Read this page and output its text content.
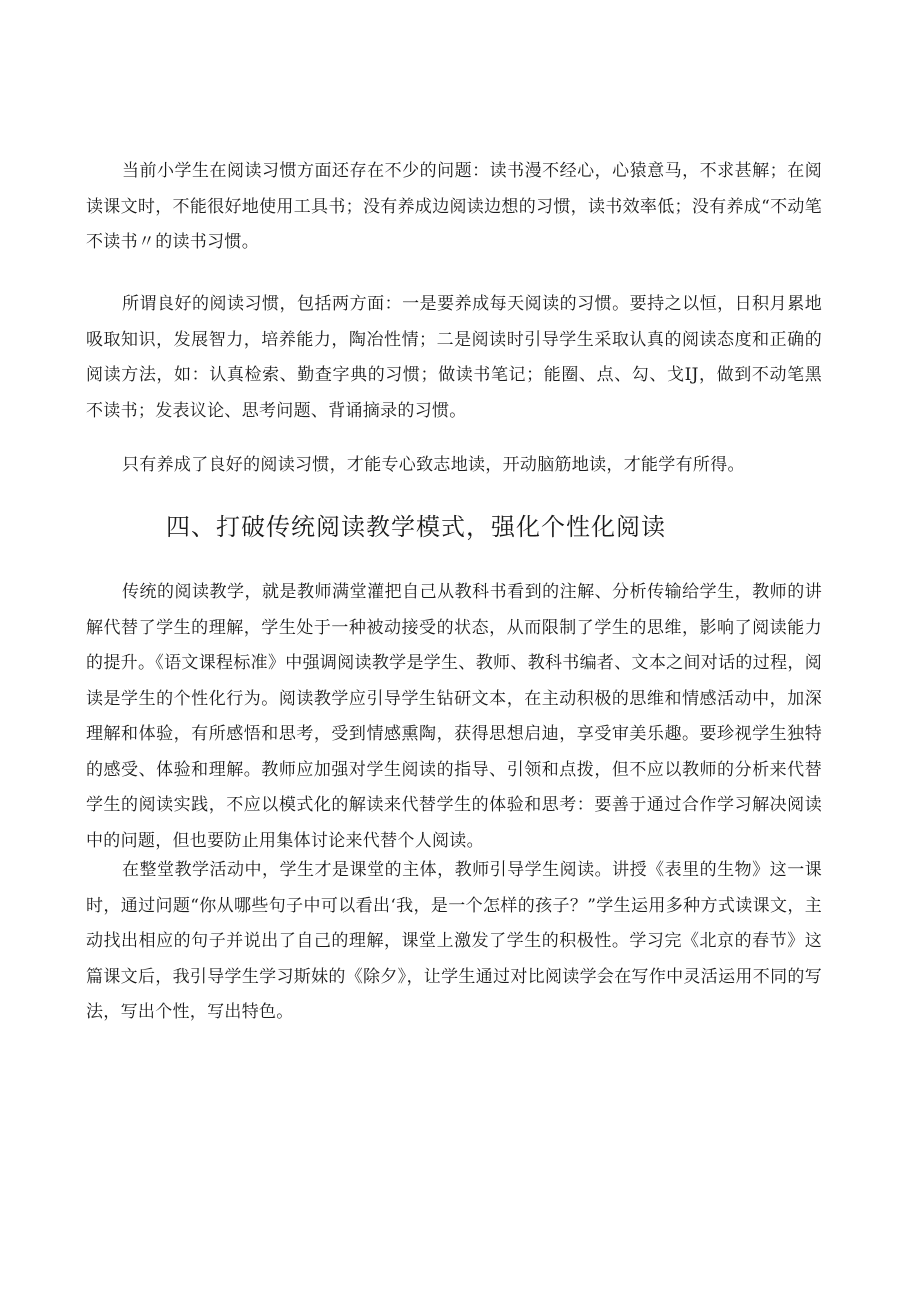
当前小学生在阅读习惯方面还存在不少的问题：读书漫不经心，心猿意马，不求甚解；在阅读课文时，不能很好地使用工具书；没有养成边阅读边想的习惯，读书效率低；没有养成“不动笔不读书〃的读书习惯。

所谓良好的阅读习惯，包括两方面：一是要养成每天阅读的习惯。要持之以恒，日积月累地吸取知识，发展智力，培养能力，陶冶性情；二是阅读时引导学生采取认真的阅读态度和正确的阅读方法，如：认真检索、勤查字典的习惯；做读书笔记；能圈、点、勾、戈IJ，做到不动笔黑不读书；发表议论、思考问题、背诵摘录的习惯。

只有养成了良好的阅读习惯，才能专心致志地读，开动脑筋地读，才能学有所得。

四、打破传统阅读教学模式，强化个性化阅读

传统的阅读教学，就是教师满堂灌把自己从教科书看到的注解、分析传输给学生，教师的讲解代替了学生的理解，学生处于一种被动接受的状态，从而限制了学生的思维，影响了阅读能力的提升。《语文课程标准》中强调阅读教学是学生、教师、教科书编者、文本之间对话的过程，阅读是学生的个性化行为。阅读教学应引导学生钻研文本，在主动积极的思维和情感活动中，加深理解和体验，有所感悟和思考，受到情感熏陶，获得思想启迪，享受审美乐趣。要珍视学生独特的感受、体验和理解。教师应加强对学生阅读的指导、引领和点拨，但不应以教师的分析来代替学生的阅读实践，不应以模式化的解读来代替学生的体验和思考：要善于通过合作学习解决阅读中的问题，但也要防止用集体讨论来代替个人阅读。

在整堂教学活动中，学生才是课堂的主体，教师引导学生阅读。讲授《表里的生物》这一课时，通过问题“你从哪些句子中可以看出‘我，是一个怎样的孩子？”学生运用多种方式读课文，主动找出相应的句子并说出了自己的理解，课堂上激发了学生的积极性。学习完《北京的春节》这篇课文后，我引导学生学习斯妹的《除夕》，让学生通过对比阅读学会在写作中灵活运用不同的写法，写出个性，写出特色。
